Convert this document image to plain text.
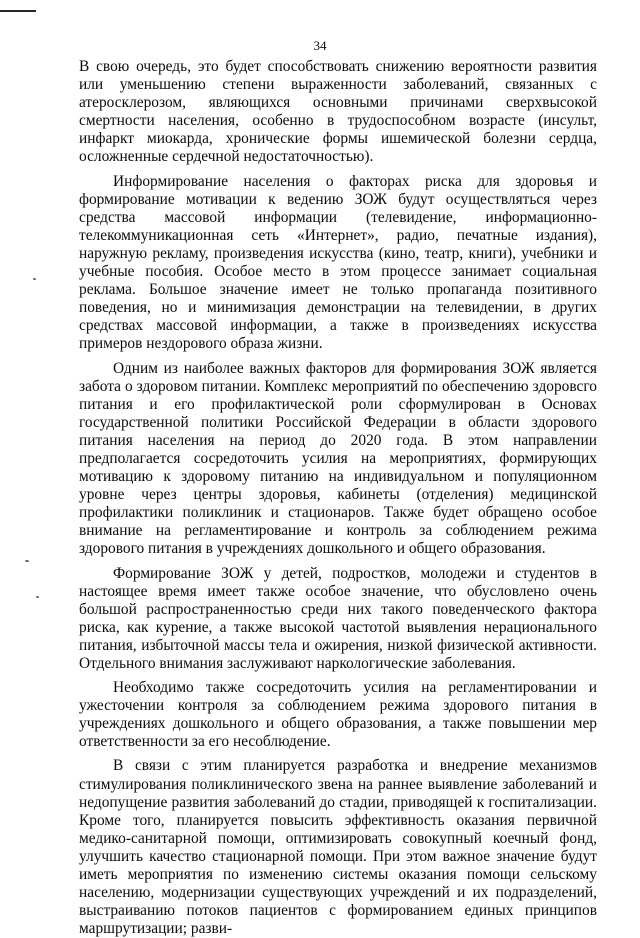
34

В свою очередь, это будет способствовать снижению вероятности развития или уменьшению степени выраженности заболеваний, связанных с атеросклерозом, являющихся основными причинами сверхвысокой смертности населения, особенно в трудоспособном возрасте (инсульт, инфаркт миокарда, хронические формы ишемической болезни сердца, осложненные сердечной недостаточностью).

Информирование населения о факторах риска для здоровья и формирование мотивации к ведению ЗОЖ будут осуществляться через средства массовой информации (телевидение, информационно-телекоммуникационная сеть «Интернет», радио, печатные издания), наружную рекламу, произведения искусства (кино, театр, книги), учебники и учебные пособия. Особое место в этом процессе занимает социальная реклама. Большое значение имеет не только пропаганда позитивного поведения, но и минимизация демонстрации на телевидении, в других средствах массовой информации, а также в произведениях искусства примеров нездорового образа жизни.

Одним из наиболее важных факторов для формирования ЗОЖ является забота о здоровом питании. Комплекс мероприятий по обеспечению здоровсго питания и его профилактической роли сформулирован в Основах государственной политики Российской Федерации в области здорового питания населения на период до 2020 года. В этом направлении предполагается сосредоточить усилия на мероприятиях, формирующих мотивацию к здоровому питанию на индивидуальном и популяционном уровне через центры здоровья, кабинеты (отделения) медицинской профилактики поликлиник и стационаров. Также будет обращено особое внимание на регламентирование и контроль за соблюдением режима здорового питания в учреждениях дошкольного и общего образования.

Формирование ЗОЖ у детей, подростков, молодежи и студентов в настоящее время имеет также особое значение, что обусловлено очень большой распространенностью среди них такого поведенческого фактора риска, как курение, а также высокой частотой выявления нерационального питания, избыточной массы тела и ожирения, низкой физической активности. Отдельного внимания заслуживают наркологические заболевания.

Необходимо также сосредоточить усилия на регламентировании и ужесточении контроля за соблюдением режима здорового питания в учреждениях дошкольного и общего образования, а также повышении мер ответственности за его несоблюдение.

В связи с этим планируется разработка и внедрение механизмов стимулирования поликлинического звена на раннее выявление заболеваний и недопущение развития заболеваний до стадии, приводящей к госпитализации. Кроме того, планируется повысить эффективность оказания первичной медико-санитарной помощи, оптимизировать совокупный коечный фонд, улучшить качество стационарной помощи. При этом важное значение будут иметь мероприятия по изменению системы оказания помощи сельскому населению, модернизации существующих учреждений и их подразделений, выстраиванию потоков пациентов с формированием единых принципов маршрутизации; разви-
